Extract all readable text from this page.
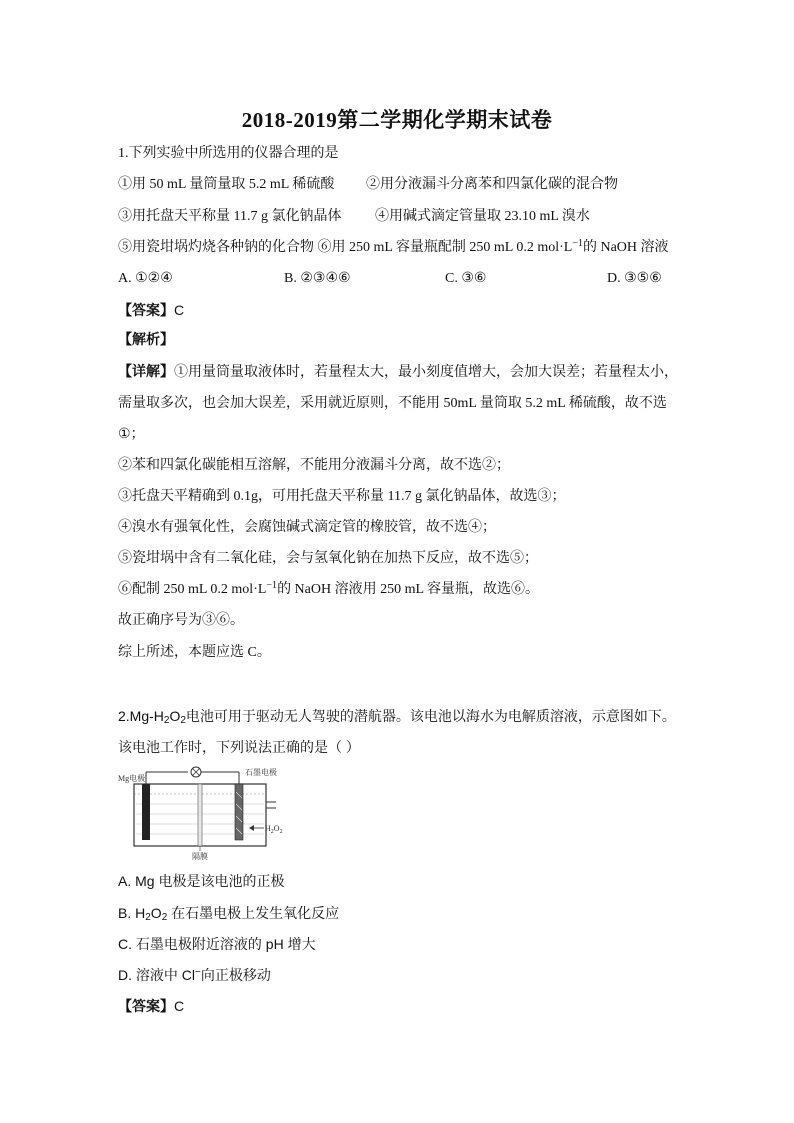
2018-2019第二学期化学期末试卷
1.下列实验中所选用的仪器合理的是
①用 50 mL 量筒量取 5.2 mL 稀硫酸 ②用分液漏斗分离苯和四氯化碳的混合物
③用托盘天平称量 11.7 g 氯化钠晶体 ④用碱式滴定管量取 23.10 mL 溴水
⑤用瓷坩埚灼烧各种钠的化合物 ⑥用 250 mL 容量瓶配制 250 mL 0.2 $mol\cdot L^{-1}$的 NaOH 溶液
A. ①②④	B. ②③④⑥	C. ③⑥	D. ③⑤⑥
【答案】C
【解析】
【详解】①用量筒量取液体时，若量程太大，最小刻度值增大，会加大误差；若量程太小，
需量取多次，也会加大误差，采用就近原则，不能用 50mL 量筒取 5.2 mL 稀硫酸，故不选
①；
②苯和四氯化碳能相互溶解，不能用分液漏斗分离，故不选②；
③托盘天平精确到 0.1g，可用托盘天平称量 11.7 g 氯化钠晶体，故选③；
④溴水有强氧化性，会腐蚀碱式滴定管的橡胶管，故不选④；
⑤瓷坩埚中含有二氧化硅，会与氢氧化钠在加热下反应，故不选⑤；
⑥配制 250 mL 0.2 $mol\cdot L^{-1}$的 NaOH 溶液用 250 mL 容量瓶，故选⑥。
故正确序号为③⑥。
综上所述，本题应选 C。
$2.Mg-H_2O_2$电池可用于驱动无人驾驶的潜航器。该电池以海水为电解质溶液，示意图如下。
该电池工作时，下列说法正确的是（ ）
Mg电极
石墨电极
$H_2O_2$
隔膜
A. Mg 电极是该电池的正极
B. $H_2O_2$ 在石墨电极上发生氧化反应
C. 石墨电极附近溶液的 pH 增大
D. 溶液中 Cl−向正极移动
【答案】C
